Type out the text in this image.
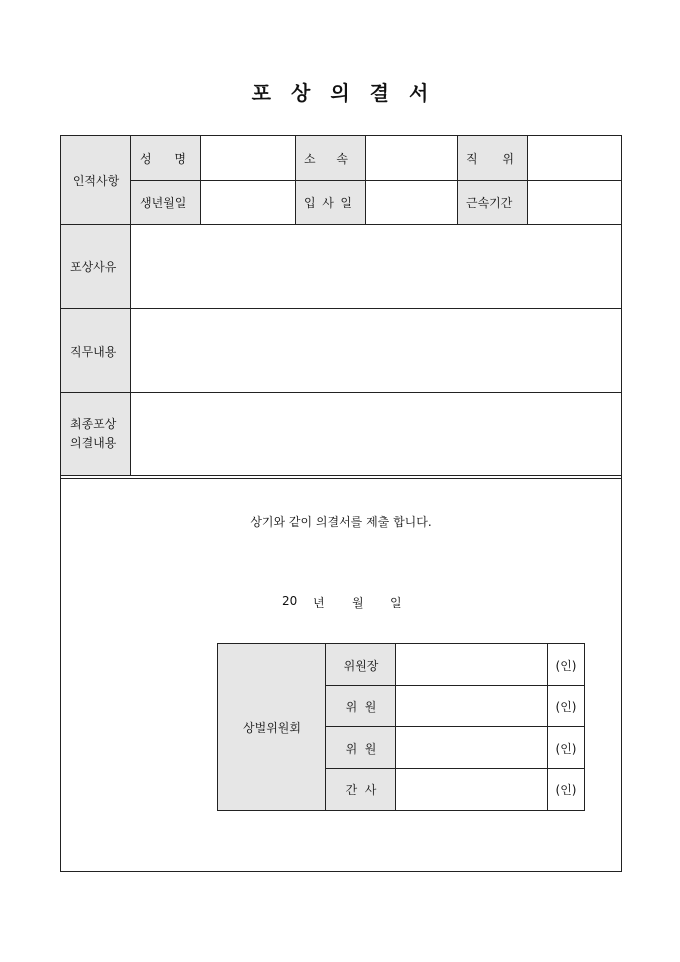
포 상 의 결 서
인적사항
성 명
생년월일
소 속
입 사 일
직 위
근속기간
포상사유
직무내용
최종포상
의결내용
상기와 같이 의결서를 제출 합니다.
20 년 월 일
상벌위원회
위원장
위  원
위  원
간  사
(인)
(인)
(인)
(인)
